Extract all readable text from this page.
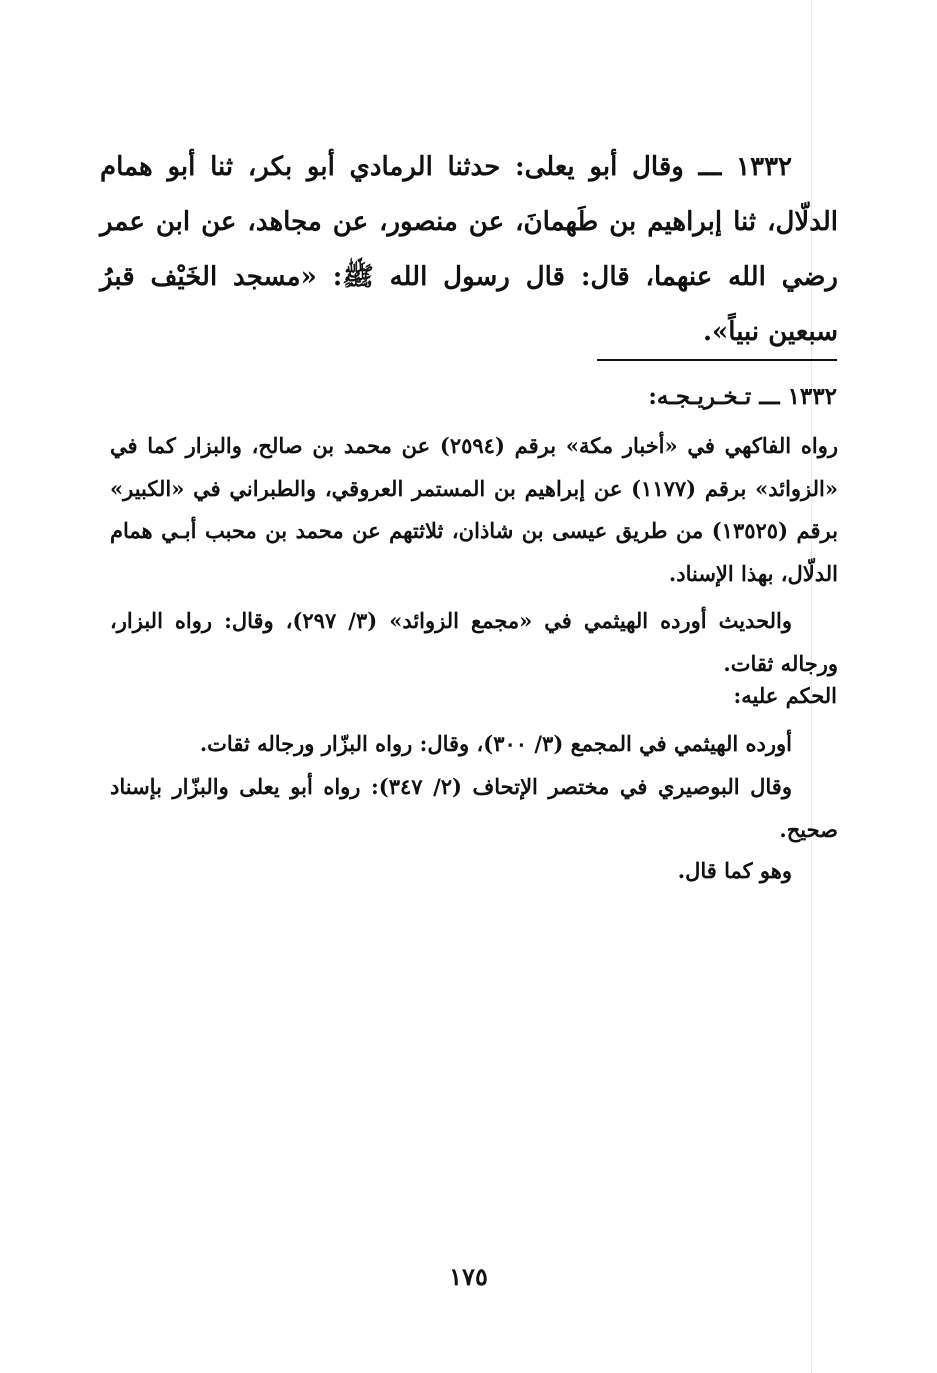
١٣٣٢ ـــ وقال أبو يعلى: حدثنا الرمادي أبو بكر، ثنا أبو همام الدلّال، ثنا إبراهيم بن طَهمانَ، عن منصور، عن مجاهد، عن ابن عمر رضي الله عنهما، قال: قال رسول الله ﷺ: «مسجد الخَيْف قبرُ سبعين نبياً».
١٣٣٢ ـــ تـخـريـجـه:
رواه الفاكهي في «أخبار مكة» برقم (٢٥٩٤) عن محمد بن صالح، والبزار كما في «الزوائد» برقم (١١٧٧) عن إبراهيم بن المستمر العروقي، والطبراني في «الكبير» برقم (١٣٥٢٥) من طريق عيسى بن شاذان، ثلاثتهم عن محمد بن محبب أبـي همام الدلّال، بهذا الإسناد.
والحديث أورده الهيثمي في «مجمع الزوائد» (٣/ ٢٩٧)، وقال: رواه البزار، ورجاله ثقات.
الحكم عليه:
أورده الهيثمي في المجمع (٣/ ٣٠٠)، وقال: رواه البزّار ورجاله ثقات.
وقال البوصيري في مختصر الإتحاف (٢/ ٣٤٧): رواه أبو يعلى والبزّار بإسناد صحيح.
وهو كما قال.
١٧٥
